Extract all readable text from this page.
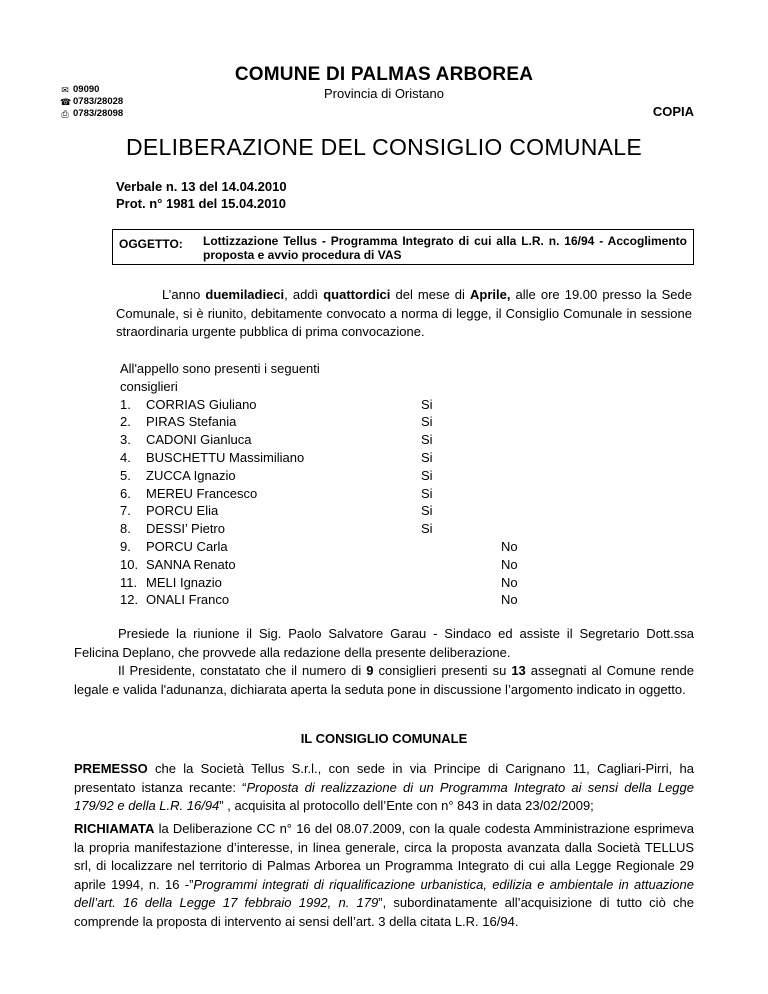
✉ 09090
☎ 0783/28028
⎙ 0783/28098
COMUNE DI PALMAS ARBOREA
Provincia di Oristano
COPIA
DELIBERAZIONE DEL CONSIGLIO COMUNALE
Verbale n. 13 del 14.04.2010
Prot. n° 1981 del 15.04.2010
OGGETTO: Lottizzazione Tellus - Programma Integrato di cui alla L.R. n. 16/94 - Accoglimento proposta e avvio procedura di VAS
L’anno duemiladieci, addì quattordici del mese di Aprile, alle ore 19.00 presso la Sede Comunale, si è riunito, debitamente convocato a norma di legge, il Consiglio Comunale in sessione straordinaria urgente pubblica di prima convocazione.
All'appello sono presenti i seguenti consiglieri
1.	CORRIAS Giuliano	Si
2.	PIRAS Stefania	Si
3.	CADONI Gianluca	Si
4.	BUSCHETTU Massimiliano	Si
5.	ZUCCA Ignazio	Si
6.	MEREU Francesco	Si
7.	PORCU Elia	Si
8.	DESSI’ Pietro	Si
9.	PORCU Carla	No
10. SANNA Renato	No
11. MELI Ignazio	No
12. ONALI Franco	No
Presiede la riunione il Sig. Paolo Salvatore Garau - Sindaco ed assiste il Segretario Dott.ssa Felicina Deplano, che provvede alla redazione della presente deliberazione.
Il Presidente, constatato che il numero di 9 consiglieri presenti su 13 assegnati al Comune rende legale e valida l'adunanza, dichiarata aperta la seduta pone in discussione l’argomento indicato in oggetto.
IL CONSIGLIO COMUNALE
PREMESSO che la Società Tellus S.r.l., con sede in via Principe di Carignano 11, Cagliari-Pirri, ha presentato istanza recante: “Proposta di realizzazione di un Programma Integrato ai sensi della Legge 179/92 e della L.R. 16/94” , acquisita al protocollo dell’Ente con n° 843 in data 23/02/2009;
RICHIAMATA la Deliberazione CC n° 16 del 08.07.2009, con la quale codesta Amministrazione esprimeva la propria manifestazione d’interesse, in linea generale, circa la proposta avanzata dalla Società TELLUS srl, di localizzare nel territorio di Palmas Arborea un Programma Integrato di cui alla Legge Regionale 29 aprile 1994, n. 16 -”Programmi integrati di riqualificazione urbanistica, edilizia e ambientale in attuazione dell’art. 16 della Legge 17 febbraio 1992, n. 179”, subordinatamente all’acquisizione di tutto ciò che comprende la proposta di intervento ai sensi dell’art. 3 della citata L.R. 16/94.
